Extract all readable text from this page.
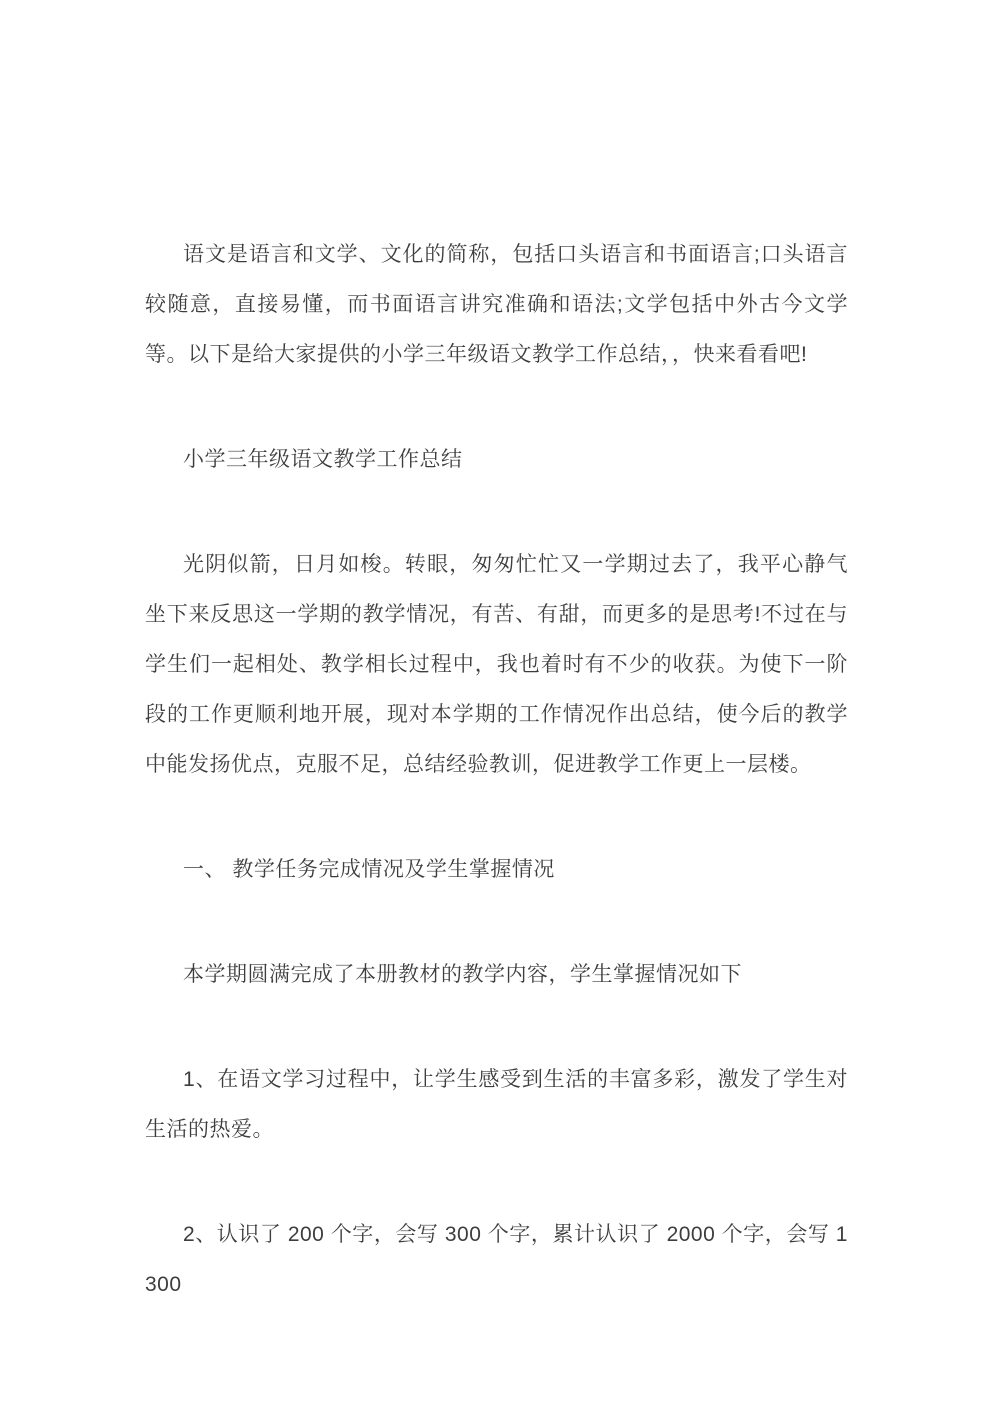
语文是语言和文学、文化的简称，包括口头语言和书面语言;口头语言较随意，直接易懂，而书面语言讲究准确和语法;文学包括中外古今文学等。以下是给大家提供的小学三年级语文教学工作总结，，快来看看吧!

小学三年级语文教学工作总结

光阴似箭，日月如梭。转眼，匆匆忙忙又一学期过去了，我平心静气坐下来反思这一学期的教学情况，有苦、有甜，而更多的是思考!不过在与学生们一起相处、教学相长过程中，我也着时有不少的收获。为使下一阶段的工作更顺利地开展，现对本学期的工作情况作出总结，使今后的教学中能发扬优点，克服不足，总结经验教训，促进教学工作更上一层楼。

一、 教学任务完成情况及学生掌握情况

本学期圆满完成了本册教材的教学内容，学生掌握情况如下

1、在语文学习过程中，让学生感受到生活的丰富多彩，激发了学生对生活的热爱。

2、认识了 200 个字，会写 300 个字，累计认识了 2000 个字，会写 1300
